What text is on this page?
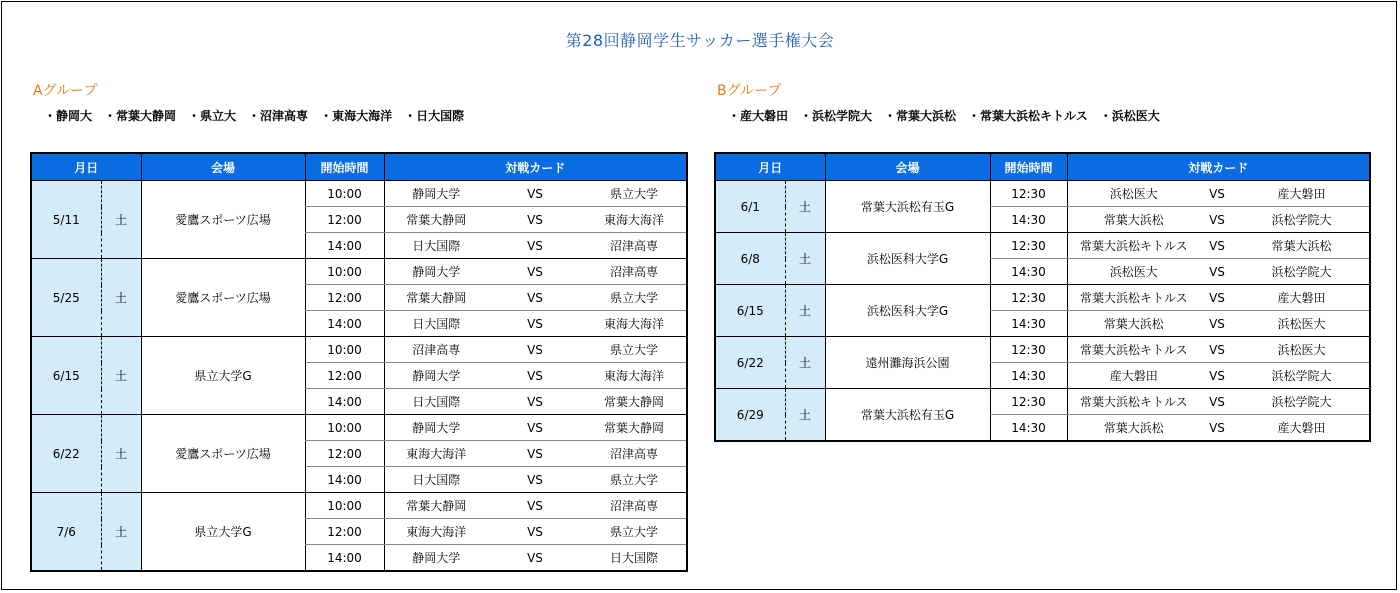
第28回静岡学生サッカー選手権大会
Aグループ
・静岡大 ・常葉大静岡 ・県立大 ・沼津高専 ・東海大海洋 ・日大国際
Bグループ
・産大磐田 ・浜松学院大 ・常葉大浜松 ・常葉大浜松キトルス ・浜松医大
月日		会場	開始時間	対戦カード		
5/11	土	愛鷹スポーツ広場	10:00	静岡大学	VS	県立大学
			12:00	常葉大静岡	VS	東海大海洋
			14:00	日大国際	VS	沼津高専
5/25	土	愛鷹スポーツ広場	10:00	静岡大学	VS	沼津高専
			12:00	常葉大静岡	VS	県立大学
			14:00	日大国際	VS	東海大海洋
6/15	土	県立大学G	10:00	沼津高専	VS	県立大学
			12:00	静岡大学	VS	東海大海洋
			14:00	日大国際	VS	常葉大静岡
6/22	土	愛鷹スポーツ広場	10:00	静岡大学	VS	常葉大静岡
			12:00	東海大海洋	VS	沼津高専
			14:00	日大国際	VS	県立大学
7/6	土	県立大学G	10:00	常葉大静岡	VS	沼津高専
			12:00	東海大海洋	VS	県立大学
			14:00	静岡大学	VS	日大国際
月日		会場	開始時間	対戦カード		
6/1	土	常葉大浜松有玉G	12:30	浜松医大	VS	産大磐田
			14:30	常葉大浜松	VS	浜松学院大
6/8	土	浜松医科大学G	12:30	常葉大浜松キトルス	VS	常葉大浜松
			14:30	浜松医大	VS	浜松学院大
6/15	土	浜松医科大学G	12:30	常葉大浜松キトルス	VS	産大磐田
			14:30	常葉大浜松	VS	浜松医大
6/22	土	遠州灘海浜公園	12:30	常葉大浜松キトルス	VS	浜松医大
			14:30	産大磐田	VS	浜松学院大
6/29	土	常葉大浜松有玉G	12:30	常葉大浜松キトルス	VS	浜松学院大
			14:30	常葉大浜松	VS	産大磐田
